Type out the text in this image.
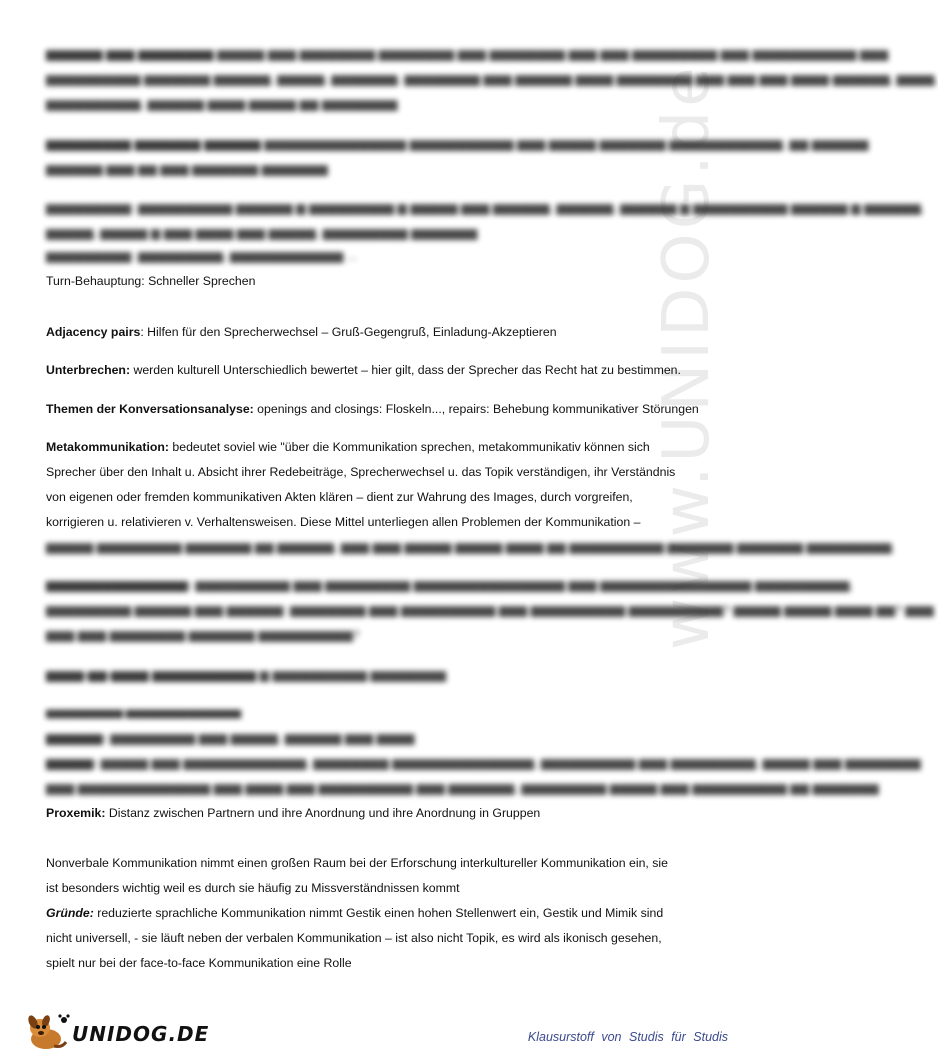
www.UNIDOG.de
▆▆▆▆▆▆ ▆▆▆ ▆▆▆▆▆▆▆▆ ▆▆▆▆▆ ▆▆▆ ▆▆▆▆▆▆▆▆ ▆▆▆▆▆▆▆▆ ▆▆▆ ▆▆▆▆▆▆▆▆ ▆▆▆ ▆▆▆ ▆▆▆▆▆▆▆▆▆ ▆▆▆ ▆▆▆▆▆▆▆▆▆▆▆ ▆▆▆
▆▆▆▆▆▆▆▆▆▆ ▆▆▆▆▆▆▆ ▆▆▆▆▆▆, ▆▆▆▆▆, ▆▆▆▆▆▆▆, ▆▆▆▆▆▆▆▆ ▆▆▆ ▆▆▆▆▆▆ ▆▆▆▆ ▆▆▆▆▆▆▆▆ ▆▆▆ ▆▆▆ ▆▆▆ ▆▆▆▆-▆▆▆▆▆▆, ▆▆▆▆,
▆▆▆▆▆▆▆▆▆▆, ▆▆▆▆▆▆ ▆▆▆▆ ▆▆▆▆▆ ▆▆ ▆▆▆▆▆▆▆▆
▆▆▆▆▆▆▆▆▆ ▆▆▆▆▆▆▆ ▆▆▆▆▆▆ ▆▆▆▆▆▆▆▆▆▆▆▆▆▆▆ ▆▆▆▆▆▆▆▆▆▆▆ ▆▆▆ ▆▆▆▆▆ ▆▆▆▆▆▆▆ ▆▆▆▆▆▆▆▆▆▆▆▆, ▆▆ ▆▆▆▆▆▆
▆▆▆▆▆▆ ▆▆▆ ▆▆ ▆▆▆ ▆▆▆▆▆▆▆ ▆▆▆▆▆▆▆
▆▆▆▆▆▆▆▆▆: ▆▆▆▆▆▆▆▆▆▆ ▆▆▆▆▆▆ ▆ ▆▆▆▆▆▆▆▆▆ ▆ ▆▆▆▆▆ ▆▆▆ ▆▆▆▆▆▆, ▆▆▆▆▆▆, ▆▆▆▆▆▆ ▆ ▆▆▆▆▆▆▆▆▆▆ ▆▆▆▆▆▆ ▆ ▆▆▆▆▆▆,
▆▆▆▆▆, ▆▆▆▆▆ ▆ ▆▆▆ ▆▆▆▆ ▆▆▆ ▆▆▆▆▆, ▆▆▆▆▆▆▆▆▆ ▆▆▆▆▆▆▆
▆▆▆▆▆▆▆▆▆: ▆▆▆▆▆▆▆▆▆, ▆▆▆▆▆▆▆▆▆▆▆▆ ...
Turn-Behauptung: Schneller Sprechen
Adjacency pairs: Hilfen für den Sprecherwechsel – Gruß-Gegengruß, Einladung-Akzeptieren
Unterbrechen: werden kulturell Unterschiedlich bewertet – hier gilt, dass der Sprecher das Recht hat zu bestimmen.
Themen der Konversationsanalyse: openings and closings: Floskeln..., repairs: Behebung kommunikativer Störungen
Metakommunikation: bedeutet soviel wie "über die Kommunikation sprechen, metakommunikativ können sich
Sprecher über den Inhalt u. Absicht ihrer Redebeiträge, Sprecherwechsel u. das Topik verständigen, ihr Verständnis
von eigenen oder fremden kommunikativen Akten klären – dient zur Wahrung des Images, durch vorgreifen,
korrigieren u. relativieren v. Verhaltensweisen. Diese Mittel unterliegen allen Problemen der Kommunikation –
▆▆▆▆▆ ▆▆▆▆▆▆▆▆▆ ▆▆▆▆▆▆▆ ▆▆ ▆▆▆▆▆▆, ▆▆▆ ▆▆▆ ▆▆▆▆▆ ▆▆▆▆▆ ▆▆▆▆ ▆▆ ▆▆▆▆▆▆▆▆▆▆ ▆▆▆▆▆▆▆ ▆▆▆▆▆▆▆ ▆▆▆▆▆▆▆▆▆.
▆▆▆▆▆▆▆▆▆▆▆▆▆▆▆: ▆▆▆▆▆▆▆▆▆▆ ▆▆▆ ▆▆▆▆▆▆▆▆▆ ▆▆▆▆▆▆▆▆▆▆▆▆▆▆▆▆ ▆▆▆ ▆▆▆▆▆▆▆▆▆▆▆▆▆▆▆▆ ▆▆▆▆▆▆▆▆▆▆,
▆▆▆▆▆▆▆▆▆ ▆▆▆▆▆▆ ▆▆▆ ▆▆▆▆▆▆: ▆▆▆▆▆▆▆▆ ▆▆▆ ▆▆▆▆▆▆▆▆▆▆ ▆▆▆ ▆▆▆▆▆▆▆▆▆▆ ▆▆▆▆▆▆▆▆▆▆? ▆▆▆▆▆ ▆▆▆▆▆ ▆▆▆▆ ▆▆? ▆▆▆
▆▆▆ ▆▆▆ ▆▆▆▆▆▆▆▆ ▆▆▆▆▆▆▆ ▆▆▆▆▆▆▆▆▆▆?
▆▆▆▆-▆▆-▆▆▆▆ ▆▆▆▆▆▆▆▆▆▆▆ ▆ ▆▆▆▆▆▆▆▆▆▆ ▆▆▆▆▆▆▆▆
▆▆▆▆▆▆▆▆▆▆ ▆▆▆▆▆▆▆▆▆▆▆▆▆▆▆
▆▆▆▆▆▆: ▆▆▆▆▆▆▆▆▆ ▆▆▆ ▆▆▆▆▆, ▆▆▆▆▆▆ ▆▆▆ ▆▆▆▆
▆▆▆▆▆: ▆▆▆▆▆ ▆▆▆ ▆▆▆▆▆▆▆▆▆▆▆▆▆, ▆▆▆▆▆▆▆▆ ▆▆▆▆▆▆▆▆▆▆▆▆▆▆▆, ▆▆▆▆▆▆▆▆▆▆ ▆▆▆ ▆▆▆▆▆▆▆▆▆, ▆▆▆▆▆ ▆▆▆ ▆▆▆▆▆▆▆▆
▆▆▆ ▆▆▆▆▆▆▆▆▆▆▆▆▆▆ ▆▆▆ ▆▆▆▆ ▆▆▆ ▆▆▆▆▆▆▆▆▆▆ ▆▆▆ ▆▆▆▆▆▆▆, ▆▆▆▆▆▆▆▆▆ ▆▆▆▆▆ ▆▆▆ ▆▆▆▆▆▆▆▆▆▆ ▆▆ ▆▆▆▆▆▆▆
Proxemik: Distanz zwischen Partnern und ihre Anordnung und ihre Anordnung in Gruppen
Nonverbale Kommunikation nimmt einen großen Raum bei der Erforschung interkultureller Kommunikation ein, sie
ist besonders wichtig weil es durch sie häufig zu Missverständnissen kommt
Gründe: reduzierte sprachliche Kommunikation nimmt Gestik einen hohen Stellenwert ein, Gestik und Mimik sind
nicht universell, - sie läuft neben der verbalen Kommunikation – ist also nicht Topik, es wird als ikonisch gesehen,
spielt nur bei der face-to-face Kommunikation eine Rolle
UNIDOG.DE	Klausurstoff von Studis für Studis
